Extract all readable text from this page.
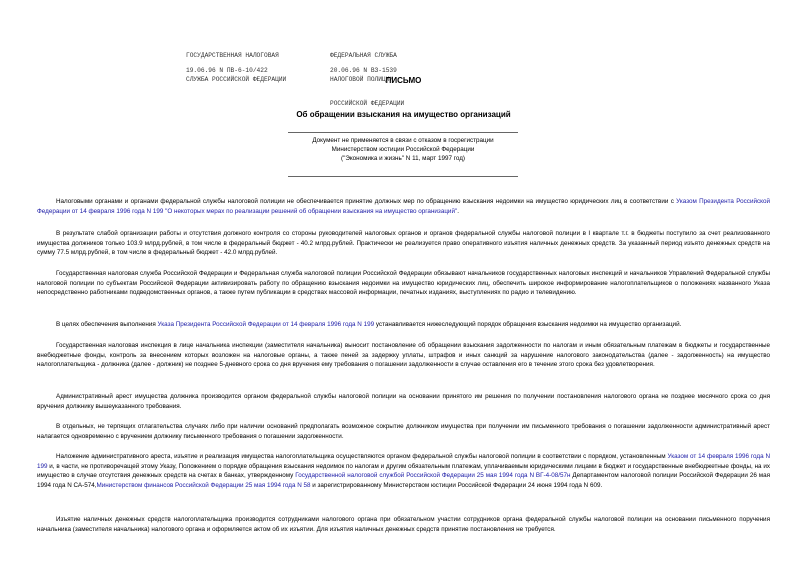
ГОСУДАРСТВЕННАЯ НАЛОГОВАЯ

СЛУЖБА РОССИЙСКОЙ ФЕДЕРАЦИИ

ФЕДЕРАЛЬНАЯ СЛУЖБА

НАЛОГОВОЙ ПОЛИЦИИ

РОССИЙСКОЙ ФЕДЕРАЦИИ

19.06.96 N ПВ-6-10/422	20.06.96 N ВЗ-1539
ПИСЬМО
Об обращении взыскания на имущество организаций
Документ не применяется в связи с отказом в госрегистрации
Министерством юстиции Российской Федерации
("Экономика и жизнь" N 11, март 1997 год)
Налоговыми органами и органами федеральной службы налоговой полиции не обеспечивается принятие должных мер по обращению взыскания недоимки на имущество юридических лиц в соответствии с Указом Президента Российской Федерации от 14 февраля 1996 года N 199 "О некоторых мерах по реализации решений об обращении взыскания на имущество организаций".
В результате слабой организации работы и отсутствия должного контроля со стороны руководителей налоговых органов и органов федеральной службы налоговой полиции в I квартале т.г. в бюджеты поступило за счет реализованного имущества должников только 103.9 млрд.рублей, в том числе в федеральный бюджет - 40.2 млрд.рублей. Практически не реализуется право оперативного изъятия наличных денежных средств. За указанный период изъято денежных средств на сумму 77.5 млрд.рублей, в том числе в федеральный бюджет - 42.0 млрд.рублей.
Государственная налоговая служба Российской Федерации и Федеральная служба налоговой полиции Российской Федерации обязывают начальников государственных налоговых инспекций и начальников Управлений Федеральной службы налоговой полиции по субъектам Российской Федерации активизировать работу по обращению взыскания недоимки на имущество юридических лиц, обеспечить широкое информирование налогоплательщиков о положениях названного Указа непосредственно работниками подведомственных органов, а также путем публикации в средствах массовой информации, печатных изданиях, выступлениях по радио и телевидению.
В целях обеспечения выполнения Указа Президента Российской Федерации от 14 февраля 1996 года N 199 устанавливается нижеследующий порядок обращения взыскания недоимки на имущество организаций.
Государственная налоговая инспекция в лице начальника инспекции (заместителя начальника) выносит постановление об обращении взыскания задолженности по налогам и иным обязательным платежам в бюджеты и государственные внебюджетные фонды, контроль за внесением которых возложен на налоговые органы, а также пеней за задержку уплаты, штрафов и иных санкций за нарушение налогового законодательства (далее - задолженность) на имущество налогоплательщика - должника (далее - должник) не позднее 5-дневного срока со дня вручения ему требования о погашении задолженности в случае оставления его в течение этого срока без удовлетворения.
Административный арест имущества должника производится органом федеральной службы налоговой полиции на основании принятого им решения по получении постановления налогового органа не позднее месячного срока со дня вручения должнику вышеуказанного требования.
В отдельных, не терпящих отлагательства случаях либо при наличии оснований предполагать возможное сокрытие должником имущества при получении им письменного требования о погашении задолженности административный арест налагается одновременно с вручением должнику письменного требования о погашении задолженности.
Наложение административного ареста, изъятие и реализация имущества налогоплательщика осуществляются органом федеральной службы налоговой полиции в соответствии с порядком, установленным Указом от 14 февраля 1996 года N 199 и, в части, не противоречащей этому Указу, Положением о порядке обращения взыскания недоимок по налогам и другим обязательным платежам, уплачиваемым юридическими лицами в бюджет и государственные внебюджетные фонды, на их имущество в случае отсутствия денежных средств на счетах в банках, утвержденному Государственной налоговой службой Российской Федерации 25 мая 1994 года N ВГ-4-08/57н Департаментом налоговой полиции Российской Федерации 26 мая 1994 года N СА-574,Министерством финансов Российской Федерации 25 мая 1994 года N 58 и зарегистрированному Министерством юстиции Российской Федерации 24 июня 1994 года N 609.
Изъятие наличных денежных средств налогоплательщика производится сотрудниками налогового органа при обязательном участии сотрудников органа федеральной службы налоговой полиции на основании письменного поручения начальника (заместителя начальника) налогового органа и оформляется актом об их изъятии. Для изъятия наличных денежных средств принятие постановления не требуется.
